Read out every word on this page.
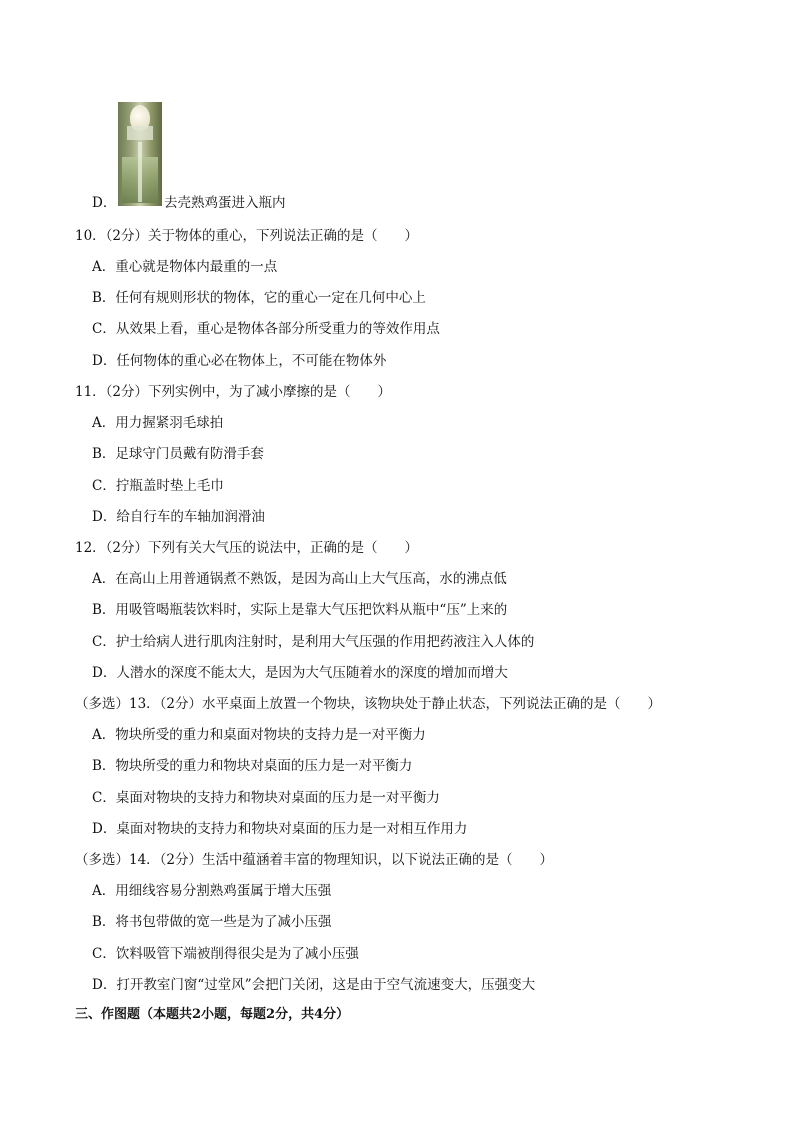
D．	去壳熟鸡蛋进入瓶内
10．（2分）关于物体的重心，下列说法正确的是（　　）
A．重心就是物体内最重的一点
B．任何有规则形状的物体，它的重心一定在几何中心上
C．从效果上看，重心是物体各部分所受重力的等效作用点
D．任何物体的重心必在物体上，不可能在物体外
11．（2分）下列实例中，为了减小摩擦的是（　　）
A．用力握紧羽毛球拍
B．足球守门员戴有防滑手套
C．拧瓶盖时垫上毛巾
D．给自行车的车轴加润滑油
12．（2分）下列有关大气压的说法中，正确的是（　　）
A．在高山上用普通锅煮不熟饭，是因为高山上大气压高，水的沸点低
B．用吸管喝瓶装饮料时，实际上是靠大气压把饮料从瓶中“压”上来的
C．护士给病人进行肌肉注射时，是利用大气压强的作用把药液注入人体的
D．人潜水的深度不能太大，是因为大气压随着水的深度的增加而增大
（多选）13．（2分）水平桌面上放置一个物块，该物块处于静止状态，下列说法正确的是（　　）
A．物块所受的重力和桌面对物块的支持力是一对平衡力
B．物块所受的重力和物块对桌面的压力是一对平衡力
C．桌面对物块的支持力和物块对桌面的压力是一对平衡力
D．桌面对物块的支持力和物块对桌面的压力是一对相互作用力
（多选）14．（2分）生活中蕴涵着丰富的物理知识，以下说法正确的是（　　）
A．用细线容易分割熟鸡蛋属于增大压强
B．将书包带做的宽一些是为了减小压强
C．饮料吸管下端被削得很尖是为了减小压强
D．打开教室门窗“过堂风”会把门关闭，这是由于空气流速变大，压强变大
三、作图题（本题共2小题，每题2分，共4分）
